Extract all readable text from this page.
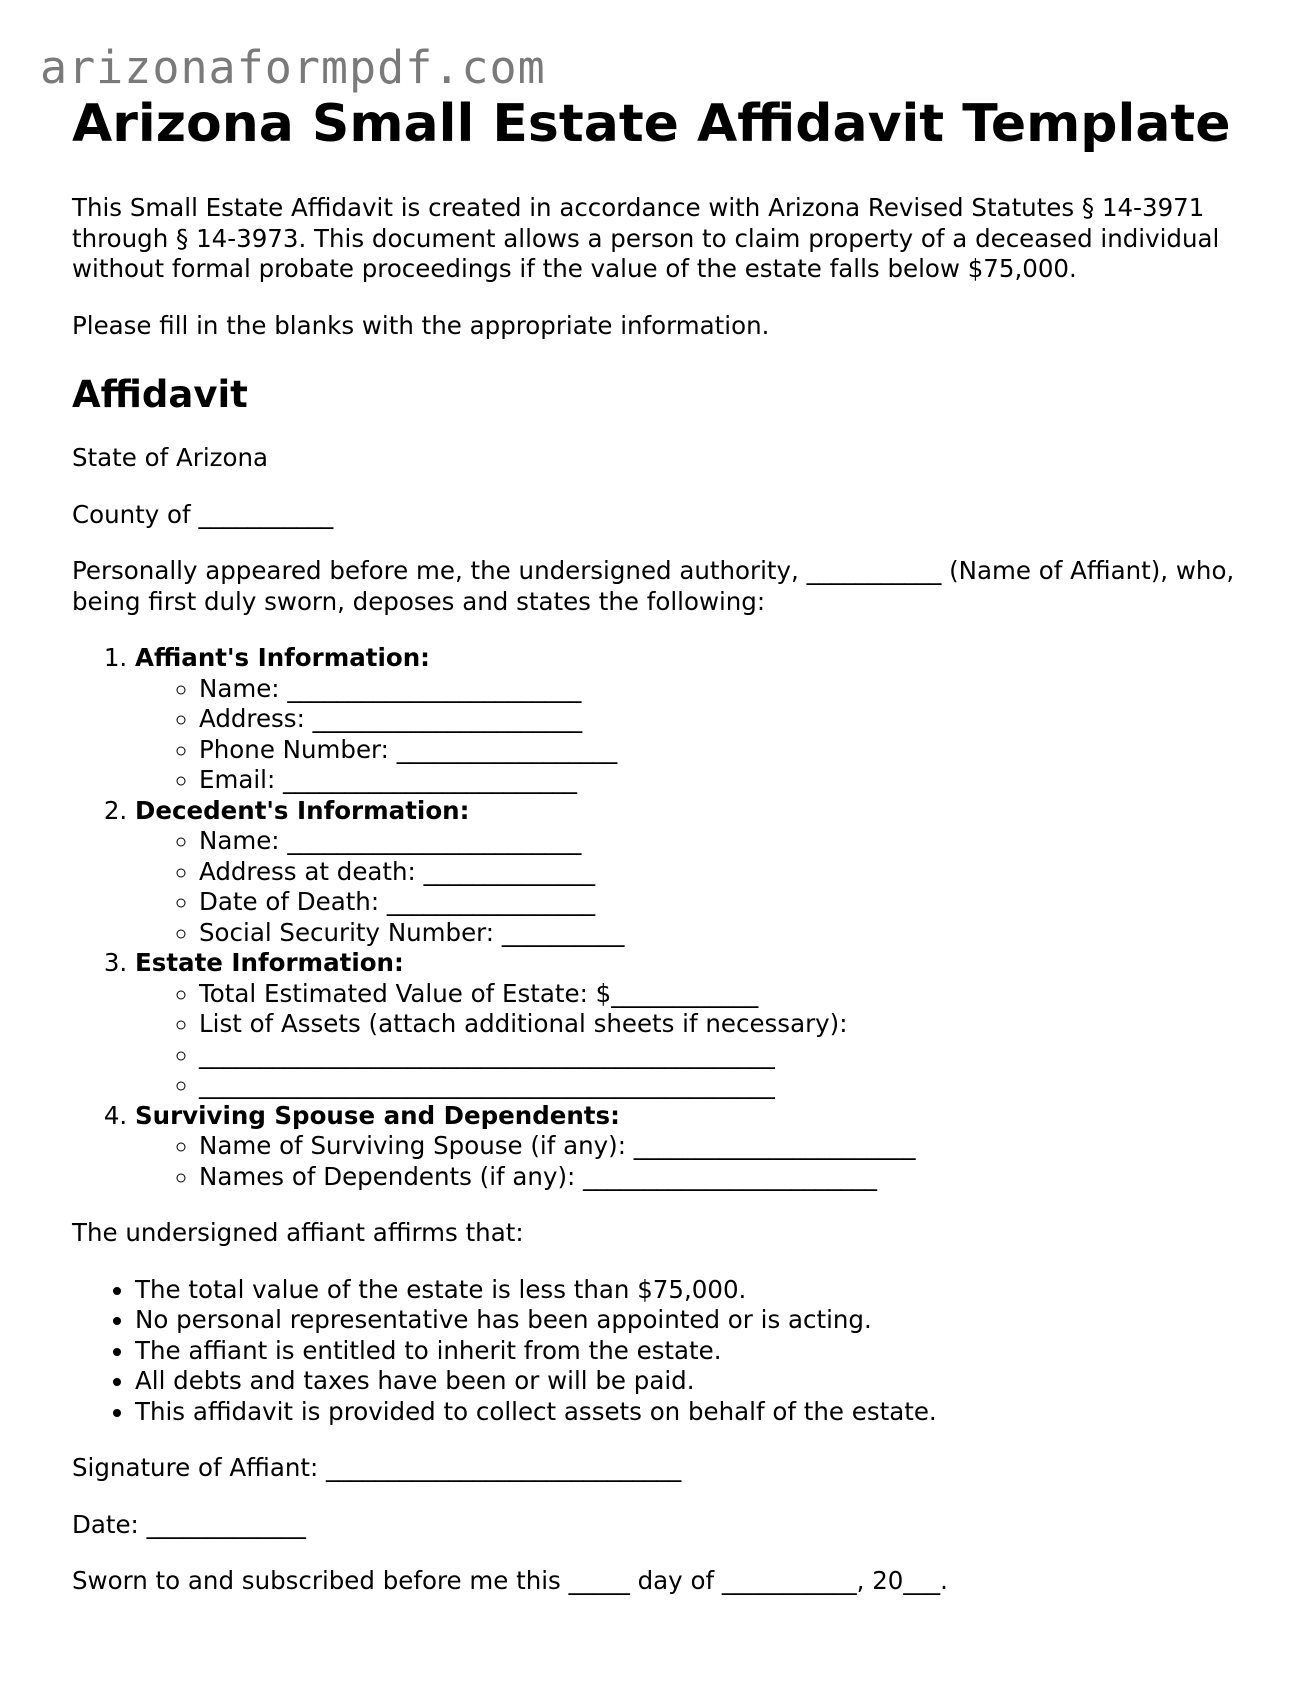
arizonaformpdf.com
Arizona Small Estate Affidavit Template

This Small Estate Affidavit is created in accordance with Arizona Revised Statutes § 14-3971 through § 14-3973. This document allows a person to claim property of a deceased individual without formal probate proceedings if the value of the estate falls below $75,000.

Please fill in the blanks with the appropriate information.

Affidavit

State of Arizona

County of ___________

Personally appeared before me, the undersigned authority, ___________ (Name of Affiant), who, being first duly sworn, deposes and states the following:

1. Affiant's Information:
◦ Name: ________________________
◦ Address: ______________________
◦ Phone Number: __________________
◦ Email: ________________________
2. Decedent's Information:
◦ Name: ________________________
◦ Address at death: ______________
◦ Date of Death: _________________
◦ Social Security Number: __________
3. Estate Information:
◦ Total Estimated Value of Estate: $____________
◦ List of Assets (attach additional sheets if necessary):
◦ _______________________________________________
◦ _______________________________________________
4. Surviving Spouse and Dependents:
◦ Name of Surviving Spouse (if any): _______________________
◦ Names of Dependents (if any): ________________________

The undersigned affiant affirms that:

• The total value of the estate is less than $75,000.
• No personal representative has been appointed or is acting.
• The affiant is entitled to inherit from the estate.
• All debts and taxes have been or will be paid.
• This affidavit is provided to collect assets on behalf of the estate.

Signature of Affiant: _____________________________

Date: _____________

Sworn to and subscribed before me this _____ day of ___________, 20___.
